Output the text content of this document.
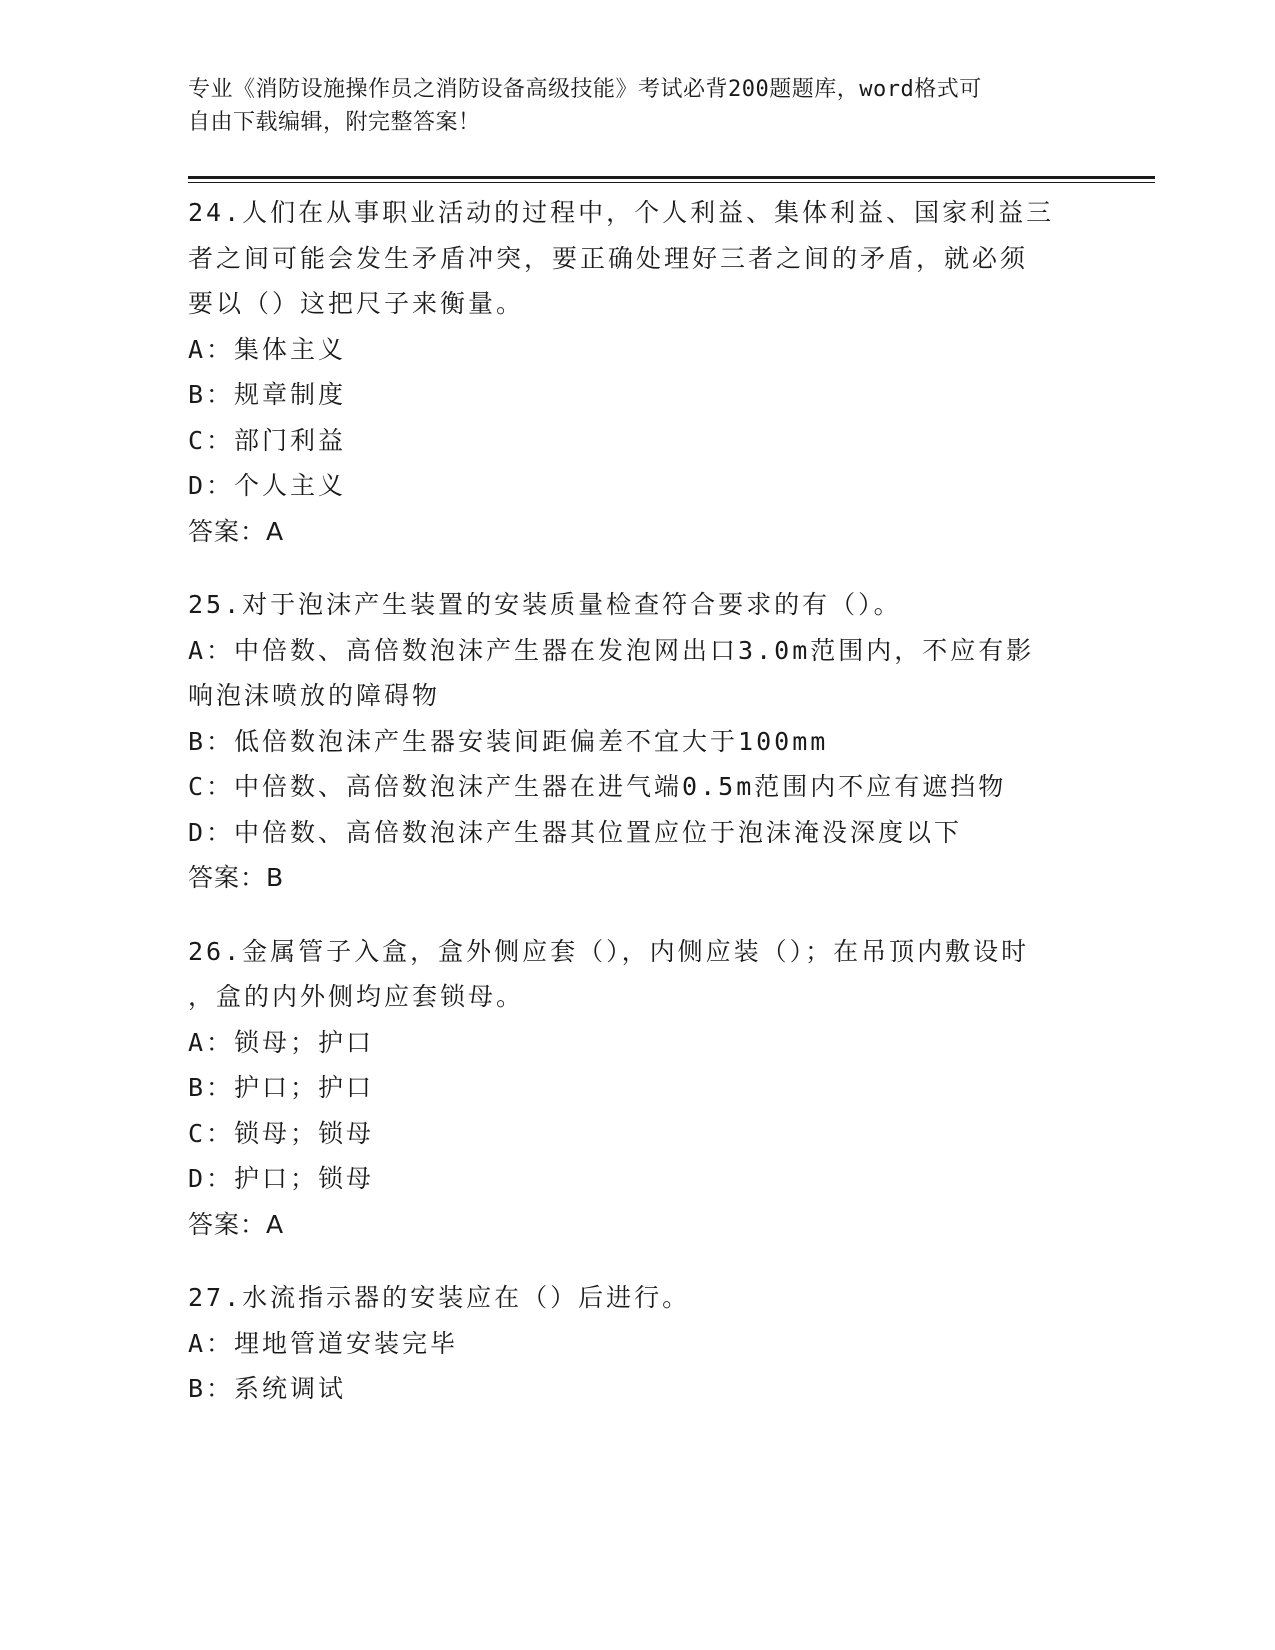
专业《消防设施操作员之消防设备高级技能》考试必背200题题库，word格式可
自由下载编辑，附完整答案！
24.人们在从事职业活动的过程中，个人利益、集体利益、国家利益三
者之间可能会发生矛盾冲突，要正确处理好三者之间的矛盾，就必须
要以（）这把尺子来衡量。
A：集体主义
B：规章制度
C：部门利益
D：个人主义
答案：A
25.对于泡沫产生装置的安装质量检查符合要求的有（）。
A：中倍数、高倍数泡沫产生器在发泡网出口3.0m范围内，不应有影
响泡沫喷放的障碍物
B：低倍数泡沫产生器安装间距偏差不宜大于100mm
C：中倍数、高倍数泡沫产生器在进气端0.5m范围内不应有遮挡物
D：中倍数、高倍数泡沫产生器其位置应位于泡沫淹没深度以下
答案：B
26.金属管子入盒，盒外侧应套（），内侧应装（）；在吊顶内敷设时
，盒的内外侧均应套锁母。
A：锁母；护口
B：护口；护口
C：锁母；锁母
D：护口；锁母
答案：A
27.水流指示器的安装应在（）后进行。
A：埋地管道安装完毕
B：系统调试
